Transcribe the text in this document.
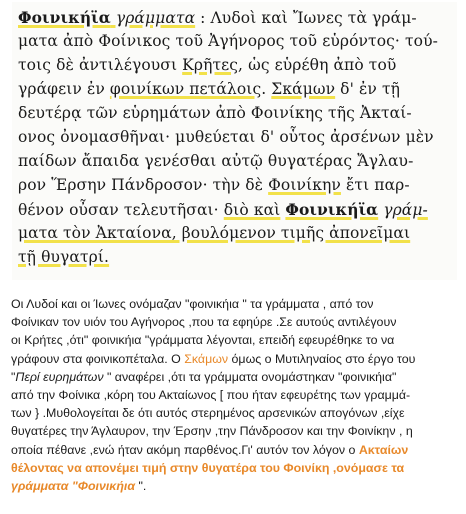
Φοινικήϊα γράμματα : Λυδοὶ καὶ Ἴωνες τὰ γράμ-
ματα ἀπὸ Φοίνικος τοῦ Ἀγήνορος τοῦ εὑρόντος· τού-
τοις δὲ ἀντιλέγουσι Κρῆτες, ὡς εὑρέθη ἀπὸ τοῦ
γράφειν ἐν φοινίκων πετάλοις. Σκάμων δ' ἐν τῇ
δευτέρᾳ τῶν εὑρημάτων ἀπὸ Φοινίκης τῆς Ἀκταί-
ονος ὀνομασθῆναι· μυθεύεται δ' οὗτος ἀρσένων μὲν
παίδων ἄπαιδα γενέσθαι αὐτῷ θυγατέρας Ἄγλαυ-
ρον Ἕρσην Πάνδροσον· τὴν δὲ Φοινίκην ἔτι παρ-
θένον οὖσαν τελευτῆσαι· διὸ καὶ Φοινικήϊα γράμ-
ματα τὸν Ἀκταίονα, βουλόμενον τιμῆς ἀπονεῖμαι
τῇ θυγατρί.

Οι Λυδοί και οι Ίωνες ονόμαζαν "φοινικήια " τα γράμματα , από τον

Φοίνικαν τον υιόν του Αγήνορος ,που τα εφηύρε .Σε αυτούς αντιλέγουν

οι Κρήτες ,ότι" φοινικήια "γράμματα λέγονται, επειδή εφευρέθηκε το να

γράφουν στα φοινικοπέταλα. Ο Σκάμων όμως ο Μυτιληναίος στο έργο του

"Περί ευρημάτων " αναφέρει ,ότι τα γράμματα ονομάστηκαν "φοινικήια"

από την Φοίνικα ,κόρη του Ακταίωνος [ που ήταν εφευρέτης των γραμμά-

των } .Μυθολογείται δε ότι αυτός στερημένος αρσενικών απογόνων ,είχε

θυγατέρες την Άγλαυρον, την Έρσην ,την Πάνδροσον και την Φοινίκην , η

οποία πέθανε ,ενώ ήταν ακόμη παρθένος.Γι' αυτόν τον λόγον ο Ακταίων

θέλοντας να απονέμει τιμή στην θυγατέρα του Φοινίκη ,ονόμασε τα

γράμματα "Φοινικήια ".
